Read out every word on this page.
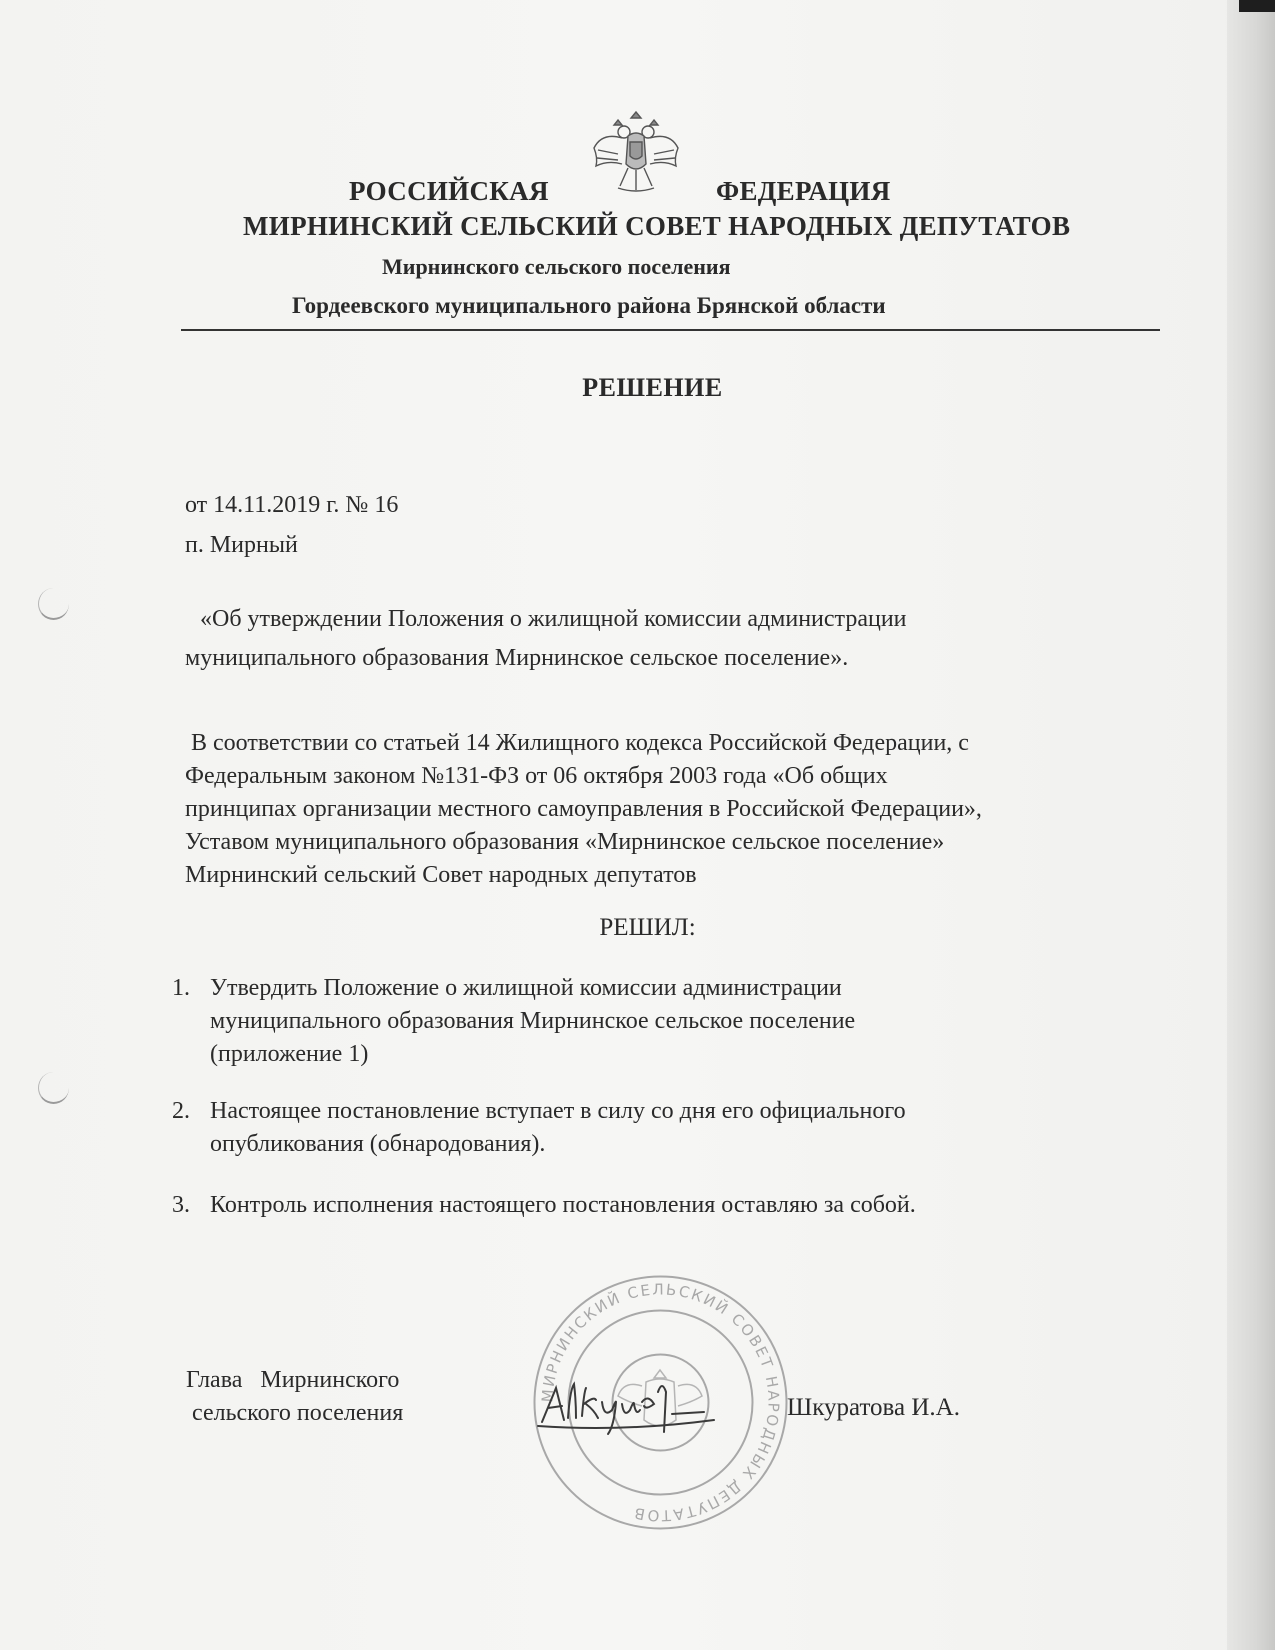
РОССИЙСКАЯ	ФЕДЕРАЦИЯ
МИРНИНСКИЙ СЕЛЬСКИЙ СОВЕТ НАРОДНЫХ ДЕПУТАТОВ
Мирнинского сельского поселения
Гордеевского муниципального района Брянской области
РЕШЕНИЕ
от 14.11.2019 г. № 16
п. Мирный
«Об утверждении Положения о жилищной комиссии администрации
муниципального образования Мирнинское сельское поселение».
В соответствии со статьей 14 Жилищного кодекса Российской Федерации, с
Федеральным законом №131-ФЗ от 06 октября 2003 года «Об общих
принципах организации местного самоуправления в Российской Федерации»,
Уставом муниципального образования «Мирнинское сельское поселение»
Мирнинский сельский Совет народных депутатов
РЕШИЛ:
1. Утвердить Положение о жилищной комиссии администрации
муниципального образования Мирнинское сельское поселение
(приложение 1)
2. Настоящее постановление вступает в силу со дня его официального
опубликования (обнародования).
3. Контроль исполнения настоящего постановления оставляю за собой.
МИРНИНСКИЙ СЕЛЬСКИЙ СОВЕТ НАРОДНЫХ ДЕПУТАТОВ
Глава   Мирнинского
сельского поселения	Шкуратова И.А.
